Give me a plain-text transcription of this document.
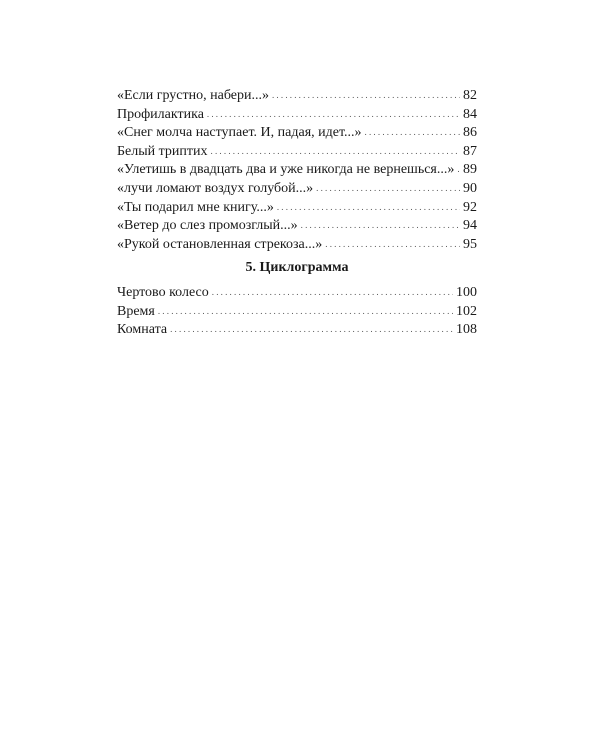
«Если грустно, набери...» .....	82
Профилактика .....	84
«Снег молча наступает. И, падая, идет...» .....	86
Белый триптих .....	87
«Улетишь в двадцать два и уже никогда не вернешься...» ..... 89
«лучи ломают воздух голубой...» .....	90
«Ты подарил мне книгу...» .....	92
«Ветер до слез промозглый...» .....	94
«Рукой остановленная стрекоза...» .....	95
5. Циклограмма
Чертово колесо .....	100
Время .....	102
Комната .....	108
